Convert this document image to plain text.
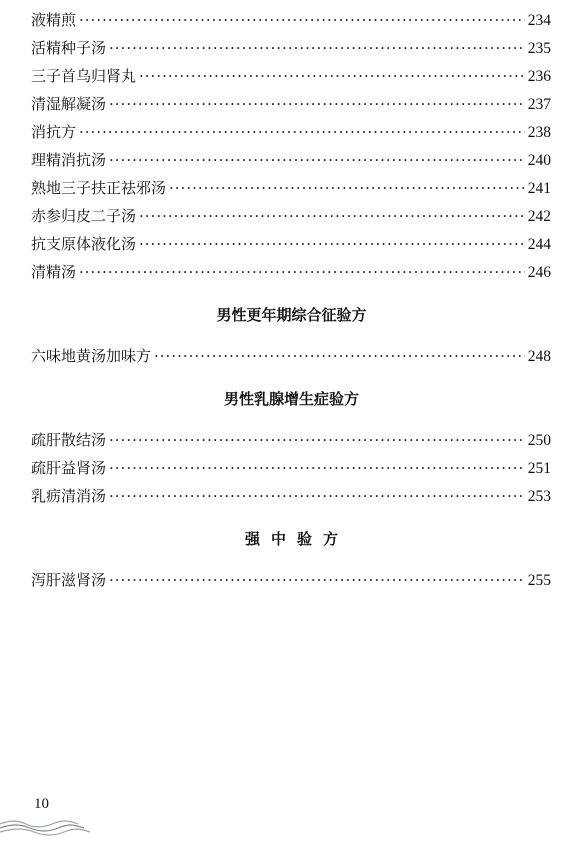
液精煎 ·····	234
活精种子汤 ·····	235
三子首乌归肾丸 ·····	236
清湿解凝汤 ·····	237
消抗方 ·····	238
理精消抗汤 ·····	240
熟地三子扶正祛邪汤 ·····	241
赤参归皮二子汤 ·····	242
抗支原体液化汤 ·····	244
清精汤 ·····	246
六味地黄汤加味方 ·····	248
疏肝散结汤 ·····	250
疏肝益肾汤 ·····	251
乳疬清消汤 ·····	253
泻肝滋肾汤 ·····	255
男性更年期综合征验方
男性乳腺增生症验方
强中验方
10
